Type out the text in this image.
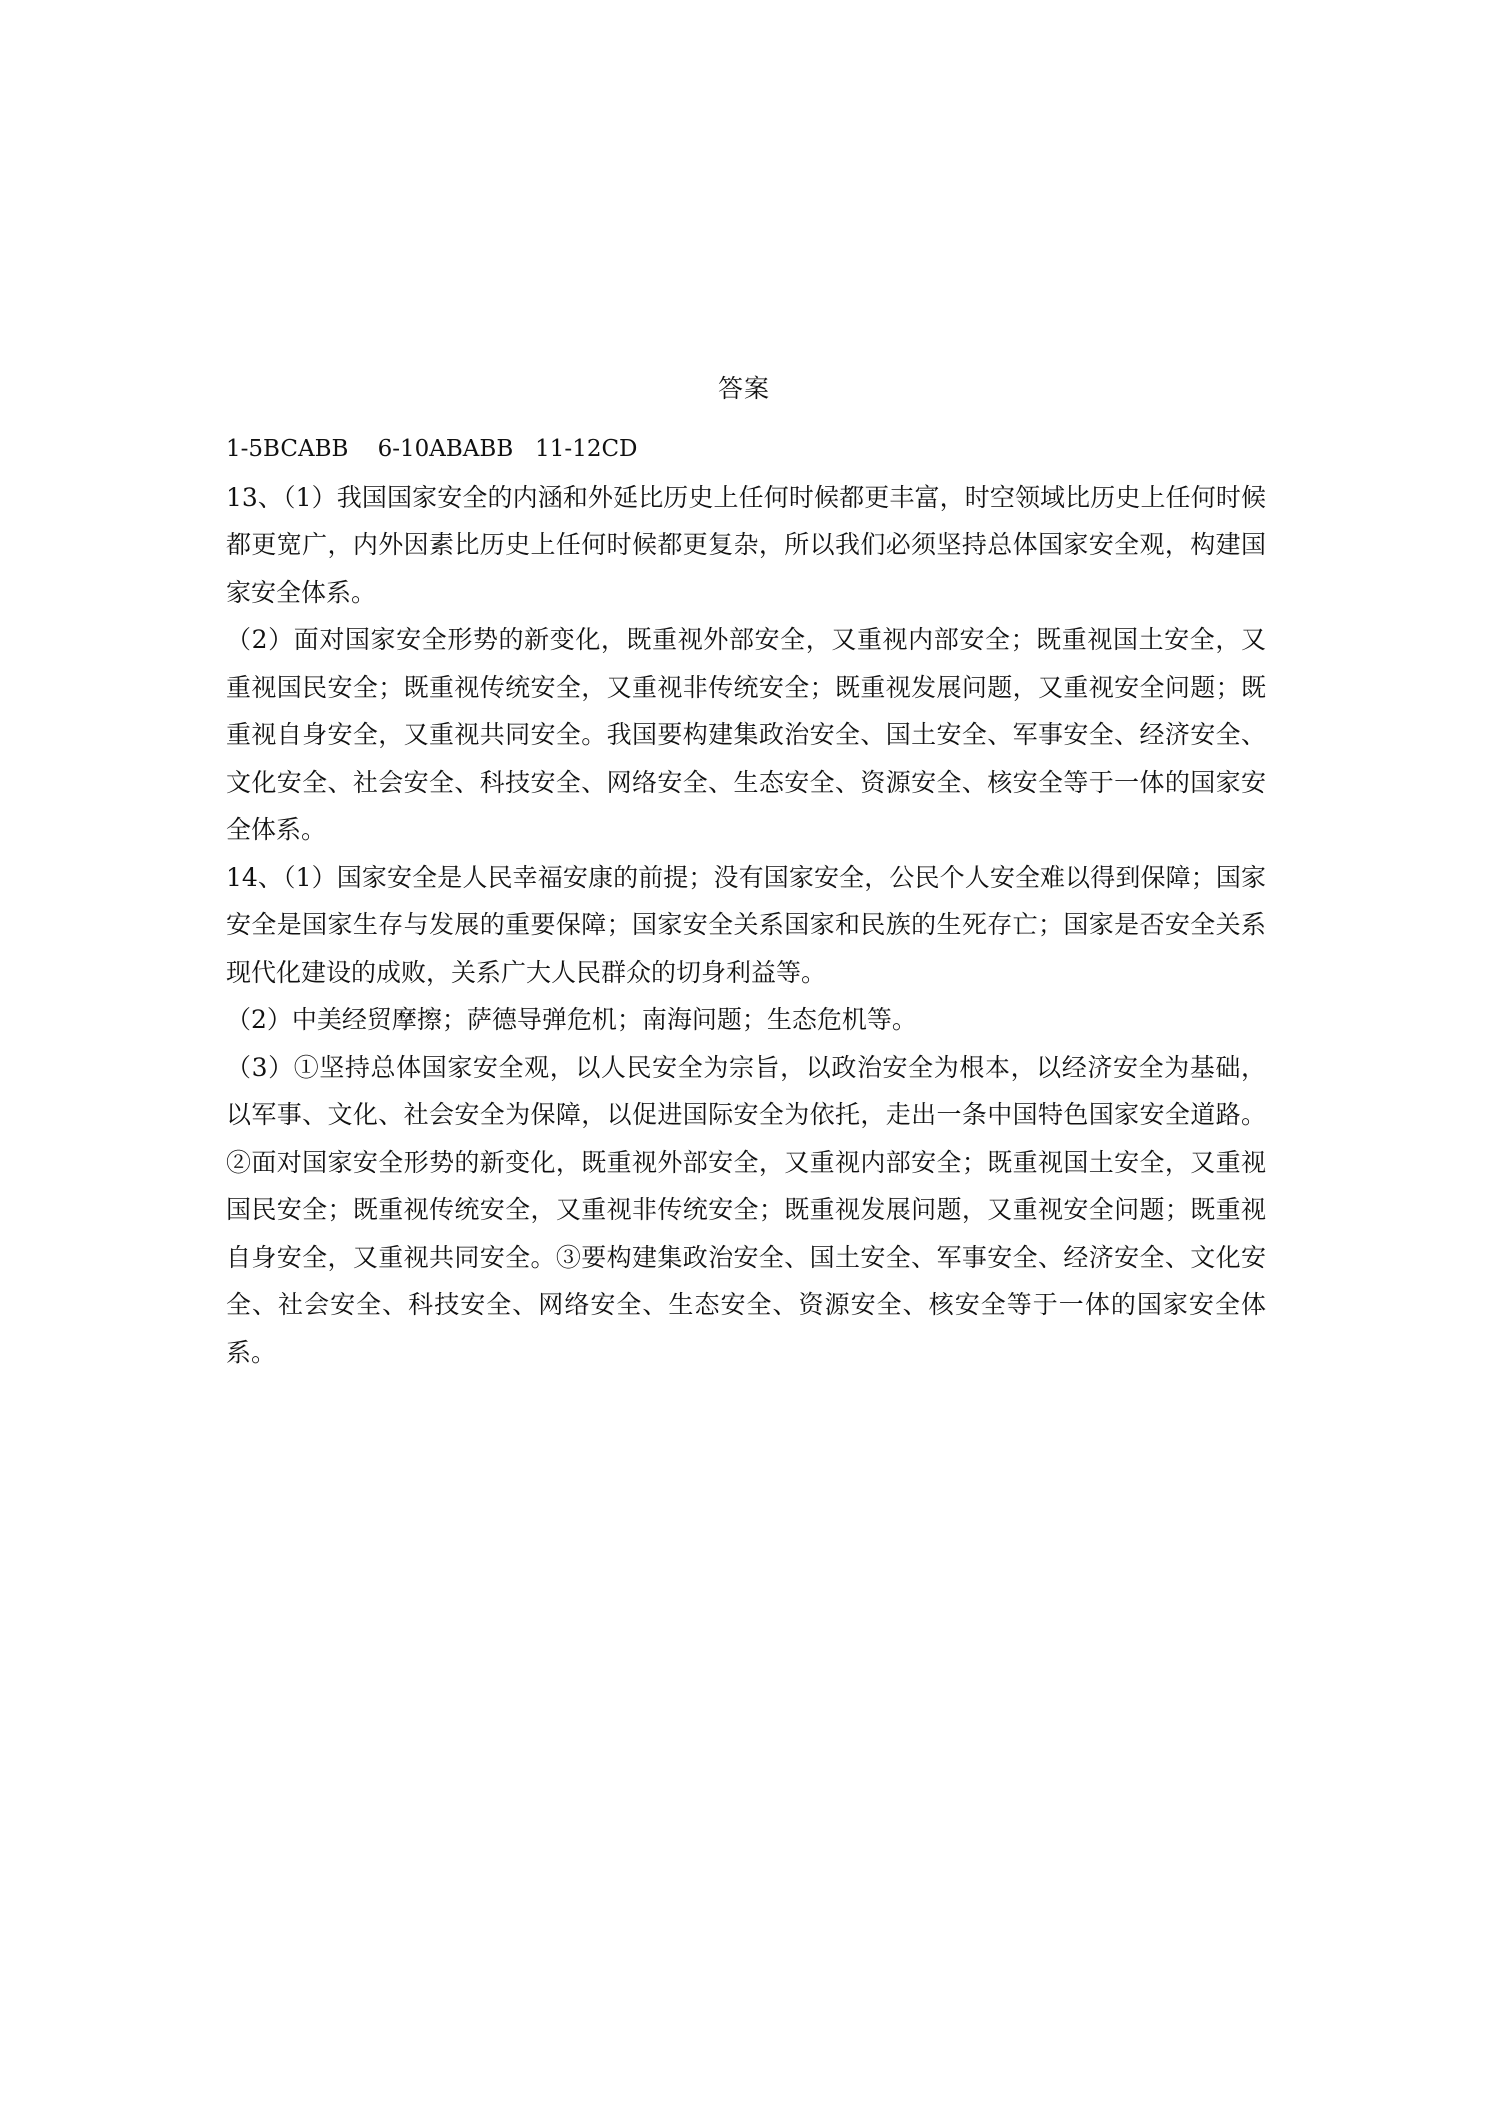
答案

1-5BCABB    6-10ABABB   11-12CD

13、（1）我国国家安全的内涵和外延比历史上任何时候都更丰富，时空领域比历史上任何时候都更宽广，内外因素比历史上任何时候都更复杂，所以我们必须坚持总体国家安全观，构建国家安全体系。

（2）面对国家安全形势的新变化，既重视外部安全，又重视内部安全；既重视国土安全，又重视国民安全；既重视传统安全，又重视非传统安全；既重视发展问题，又重视安全问题；既重视自身安全，又重视共同安全。我国要构建集政治安全、国土安全、军事安全、经济安全、文化安全、社会安全、科技安全、网络安全、生态安全、资源安全、核安全等于一体的国家安全体系。

14、（1）国家安全是人民幸福安康的前提；没有国家安全，公民个人安全难以得到保障；国家安全是国家生存与发展的重要保障；国家安全关系国家和民族的生死存亡；国家是否安全关系现代化建设的成败，关系广大人民群众的切身利益等。

（2）中美经贸摩擦；萨德导弹危机；南海问题；生态危机等。

（3）①坚持总体国家安全观，以人民安全为宗旨，以政治安全为根本，以经济安全为基础，以军事、文化、社会安全为保障，以促进国际安全为依托，走出一条中国特色国家安全道路。②面对国家安全形势的新变化，既重视外部安全，又重视内部安全；既重视国土安全，又重视国民安全；既重视传统安全，又重视非传统安全；既重视发展问题，又重视安全问题；既重视自身安全，又重视共同安全。③要构建集政治安全、国土安全、军事安全、经济安全、文化安全、社会安全、科技安全、网络安全、生态安全、资源安全、核安全等于一体的国家安全体系。
